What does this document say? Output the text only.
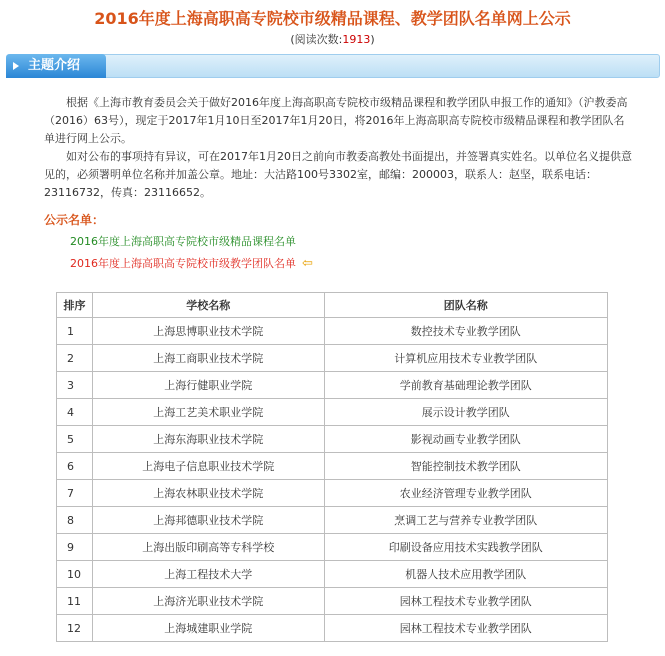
2016年度上海高职高专院校市级精品课程、教学团队名单网上公示
(阅读次数:1913)
主题介绍
根据《上海市教育委员会关于做好2016年度上海高职高专院校市级精品课程和教学团队申报工作的通知》（沪教委高（2016）63号），现定于2017年1月10日至2017年1月20日，将2016年上海高职高专院校市级精品课程和教学团队名单进行网上公示。
如对公布的事项持有异议，可在2017年1月20日之前向市教委高教处书面提出，并签署真实姓名。以单位名义提供意见的，必须署明单位名称并加盖公章。地址：大沽路100号3302室，邮编：200003，联系人：赵坚，联系电话：23116732，传真：23116652。
公示名单：
2016年度上海高职高专院校市级精品课程名单
2016年度上海高职高专院校市级教学团队名单 ⇦
排序	学校名称	团队名称
1	上海思博职业技术学院	数控技术专业教学团队
2	上海工商职业技术学院	计算机应用技术专业教学团队
3	上海行健职业学院	学前教育基础理论教学团队
4	上海工艺美术职业学院	展示设计教学团队
5	上海东海职业技术学院	影视动画专业教学团队
6	上海电子信息职业技术学院	智能控制技术教学团队
7	上海农林职业技术学院	农业经济管理专业教学团队
8	上海邦德职业技术学院	烹调工艺与营养专业教学团队
9	上海出版印刷高等专科学校	印刷设备应用技术实践教学团队
10	上海工程技术大学	机器人技术应用教学团队
11	上海济光职业技术学院	园林工程技术专业教学团队
12	上海城建职业学院	园林工程技术专业教学团队
